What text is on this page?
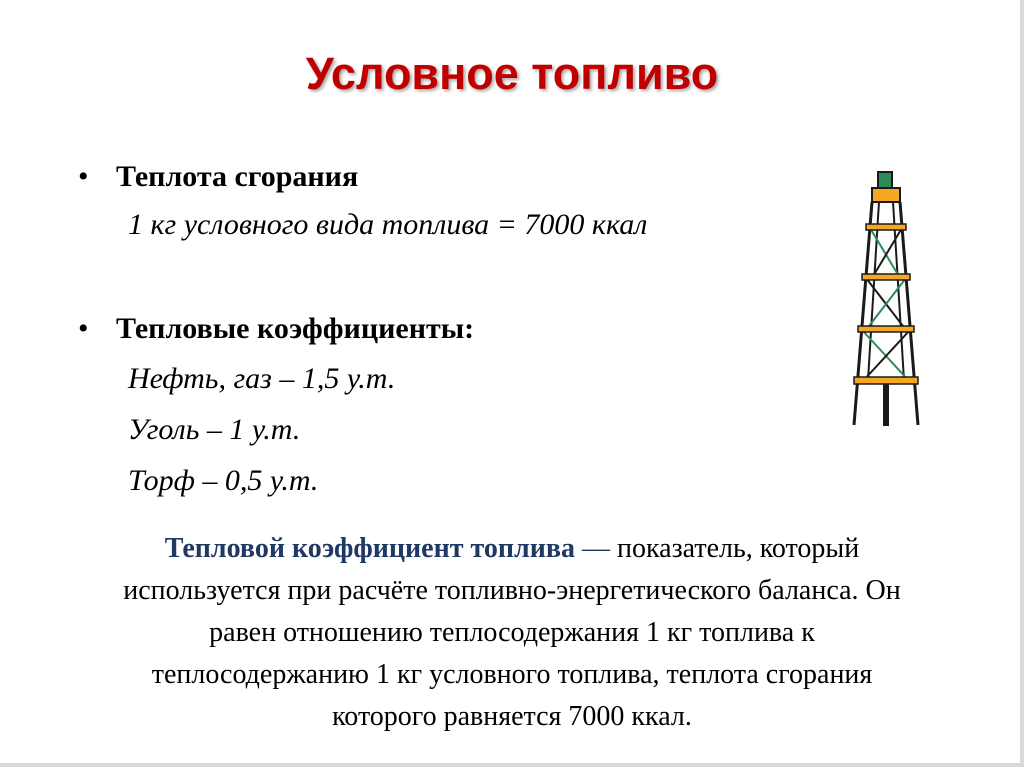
Условное топливо
• Теплота сгорания
1 кг условного вида топлива = 7000 ккал
• Тепловые коэффициенты:
Нефть, газ – 1,5 у.т.
Уголь – 1 у.т.
Торф – 0,5 у.т.
Тепловой коэффициент топлива — показатель, который
используется при расчёте топливно-энергетического баланса. Он
равен отношению теплосодержания 1 кг топлива к
теплосодержанию 1 кг условного топлива, теплота сгорания
которого равняется 7000 ккал.
